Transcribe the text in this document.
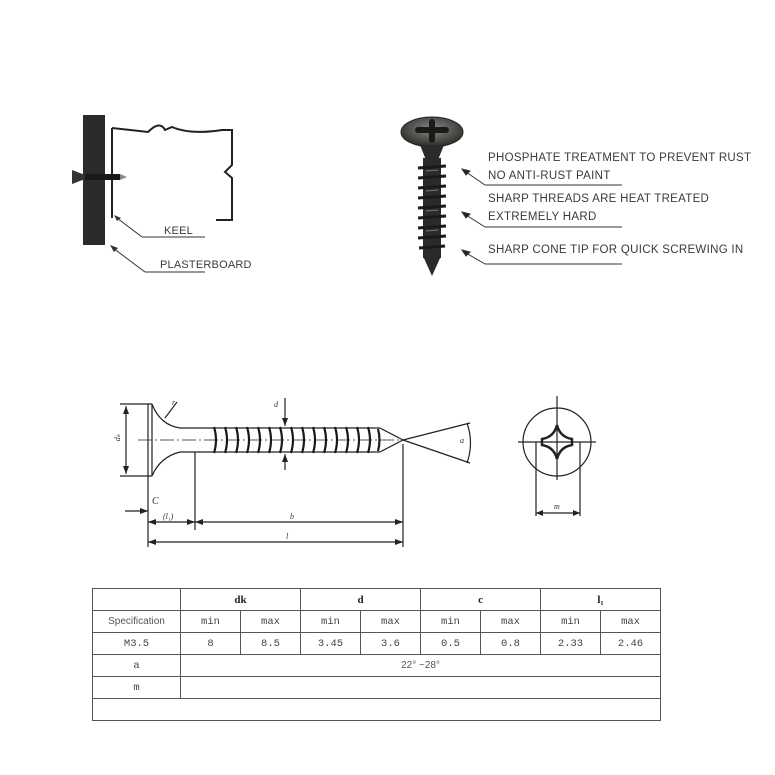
KEEL
PLASTERBOARD
PHOSPHATE TREATMENT TO PREVENT RUST
NO ANTI-RUST PAINT
SHARP THREADS ARE HEAT TREATED
EXTREMELY HARD
SHARP CONE TIP FOR QUICK SCREWING IN
dₖ
r	d
a
C
(l₁)	b
l
m
	dk		d		c		l₁	
Specification	min	max	min	max	min	max	min	max
M3.5	8	8.5	3.45	3.6	0.5	0.8	2.33	2.46
a	22° ~28°							
m								
